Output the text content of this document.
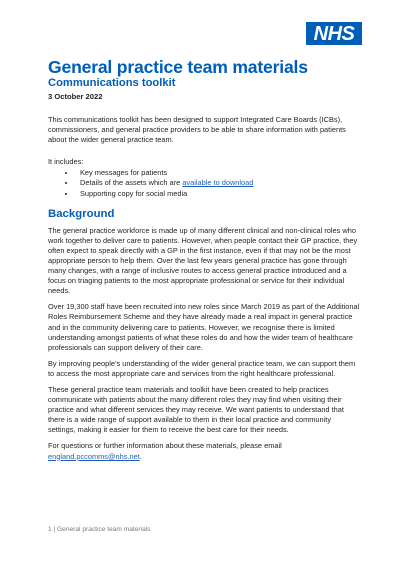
NHS
General practice team materials
Communications toolkit
3 October 2022

This communications toolkit has been designed to support Integrated Care Boards (ICBs), commissioners, and general practice providers to be able to share information with patients about the wider general practice team.

It includes:

• Key messages for patients
• Details of the assets which are available to download
• Supporting copy for social media
Background

The general practice workforce is made up of many different clinical and non-clinical roles who work together to deliver care to patients. However, when people contact their GP practice, they often expect to speak directly with a GP in the first instance, even if that may not be the most appropriate person to help them. Over the last few years general practice has gone through many changes, with a range of inclusive routes to access general practice introduced and a focus on triaging patients to the most appropriate professional or service for their individual needs.

Over 19,300 staff have been recruited into new roles since March 2019 as part of the Additional Roles Reimbursement Scheme and they have already made a real impact in general practice and in the community delivering care to patients. However, we recognise there is limited understanding amongst patients of what these roles do and how the wider team of healthcare professionals can support delivery of their care.

By improving people’s understanding of the wider general practice team, we can support them to access the most appropriate care and services from the right healthcare professional.

These general practice team materials and toolkit have been created to help practices communicate with patients about the many different roles they may find when visiting their practice and what different services they may receive. We want patients to understand that there is a wide range of support available to them in their local practice and community settings, making it easier for them to receive the best care for their needs.

For questions or further information about these materials, please email
england.pccomms@nhs.net.

1 | General practice team materials
